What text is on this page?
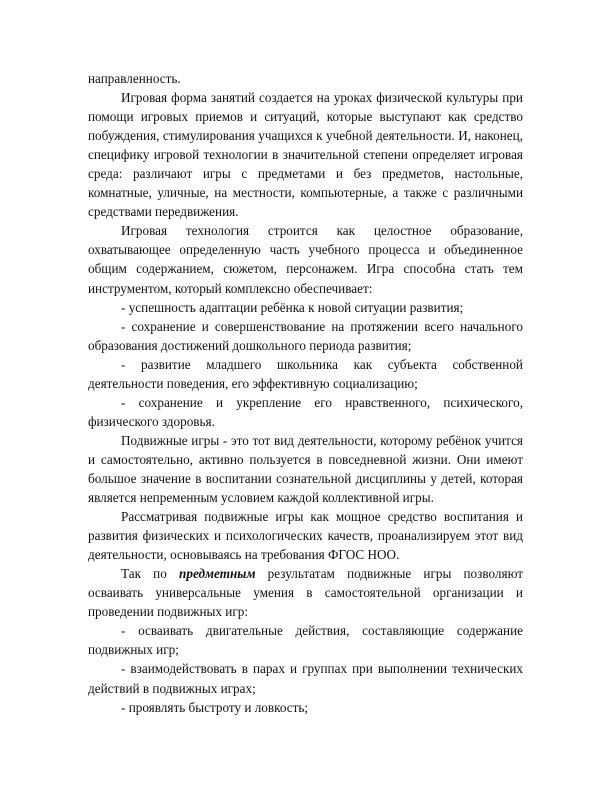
направленность.

Игровая форма занятий создается на уроках физической культуры при помощи игровых приемов и ситуаций, которые выступают как средство побуждения, стимулирования учащихся к учебной деятельности. И, наконец, специфику игровой технологии в значительной степени определяет игровая среда: различают игры с предметами и без предметов, настольные, комнатные, уличные, на местности, компьютерные, а также с различными средствами передвижения.

Игровая технология строится как целостное образование, охватывающее определенную часть учебного процесса и объединенное общим содержанием, сюжетом, персонажем. Игра способна стать тем инструментом, который комплексно обеспечивает:

- успешность адаптации ребёнка к новой ситуации развития;

- сохранение и совершенствование на протяжении всего начального образования достижений дошкольного периода развития;

- развитие младшего школьника как субъекта собственной деятельности поведения, его эффективную социализацию;

- сохранение и укрепление его нравственного, психического, физического здоровья.

Подвижные игры - это тот вид деятельности, которому ребёнок учится и самостоятельно, активно пользуется в повседневной жизни. Они имеют большое значение в воспитании сознательной дисциплины у детей, которая является непременным условием каждой коллективной игры.

Рассматривая подвижные игры как мощное средство воспитания и развития физических и психологических качеств, проанализируем этот вид деятельности, основываясь на требования ФГОС НОО.

Так по предметным результатам подвижные игры позволяют осваивать универсальные умения в самостоятельной организации и проведении подвижных игр:

- осваивать двигательные действия, составляющие содержание подвижных игр;

- взаимодействовать в парах и группах при выполнении технических действий в подвижных играх;

- проявлять быстроту и ловкость;
